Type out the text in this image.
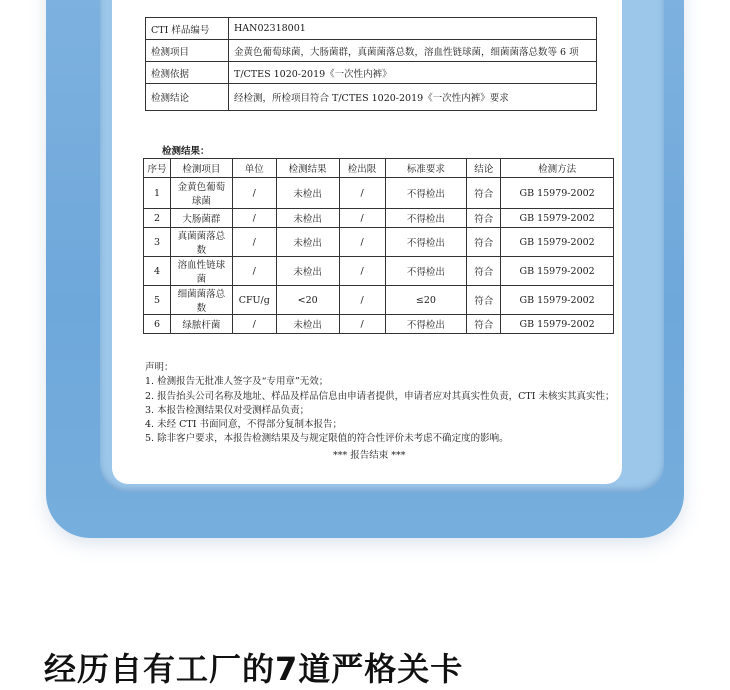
CTI 样品编号	HAN02318001
检测项目	金黄色葡萄球菌，大肠菌群，真菌菌落总数，溶血性链球菌，细菌菌落总数等 6 项
检测依据	T/CTES 1020-2019《一次性内裤》
检测结论	经检测，所检项目符合 T/CTES 1020-2019《一次性内裤》要求
检测结果：
序号	检测项目	单位	检测结果	检出限	标准要求	结论	检测方法
1	金黄色葡萄球菌	/	未检出	/	不得检出	符合	GB 15979-2002
2	大肠菌群	/	未检出	/	不得检出	符合	GB 15979-2002
3	真菌菌落总数	/	未检出	/	不得检出	符合	GB 15979-2002
4	溶血性链球菌	/	未检出	/	不得检出	符合	GB 15979-2002
5	细菌菌落总数	CFU/g	<20	/	≤20	符合	GB 15979-2002
6	绿脓杆菌	/	未检出	/	不得检出	符合	GB 15979-2002
声明：
1. 检测报告无批准人签字及“专用章”无效；
2. 报告抬头公司名称及地址、样品及样品信息由申请者提供，申请者应对其真实性负责，CTI 未核实其真实性；
3. 本报告检测结果仅对受测样品负责；
4. 未经 CTI 书面同意，不得部分复制本报告；
5. 除非客户要求，本报告检测结果及与规定限值的符合性评价未考虑不确定度的影响。
*** 报告结束 ***
经历自有工厂的7道严格关卡
